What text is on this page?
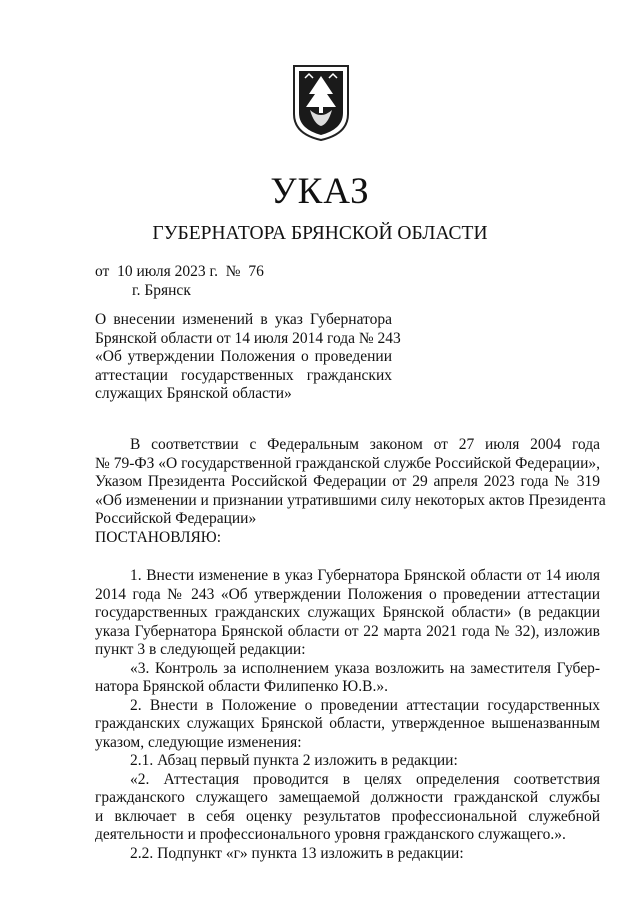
УКАЗ
ГУБЕРНАТОРА БРЯНСКОЙ ОБЛАСТИ
от  10 июля 2023 г.  №  76
г. Брянск
О внесении изменений в указ Губернатора
Брянской области от 14 июля 2014 года № 243
«Об утверждении Положения о проведении
аттестации государственных гражданских
служащих Брянской области»
В соответствии с Федеральным законом от 27 июля 2004 года
№ 79-ФЗ «О государственной гражданской службе Российской Федерации»,
Указом Президента Российской Федерации от 29 апреля 2023 года № 319
«Об изменении и признании утратившими силу некоторых актов Президента
Российской Федерации»
ПОСТАНОВЛЯЮ:
1. Внести изменение в указ Губернатора Брянской области от 14 июля
2014 года № 243 «Об утверждении Положения о проведении аттестации
государственных гражданских служащих Брянской области» (в редакции
указа Губернатора Брянской области от 22 марта 2021 года № 32), изложив
пункт 3 в следующей редакции:
«3. Контроль за исполнением указа возложить на заместителя Губер-
натора Брянской области Филипенко Ю.В.».
2. Внести в Положение о проведении аттестации государственных
гражданских служащих Брянской области, утвержденное вышеназванным
указом, следующие изменения:
2.1. Абзац первый пункта 2 изложить в редакции:
«2. Аттестация проводится в целях определения соответствия
гражданского служащего замещаемой должности гражданской службы
и включает в себя оценку результатов профессиональной служебной
деятельности и профессионального уровня гражданского служащего.».
2.2. Подпункт «г» пункта 13 изложить в редакции:
